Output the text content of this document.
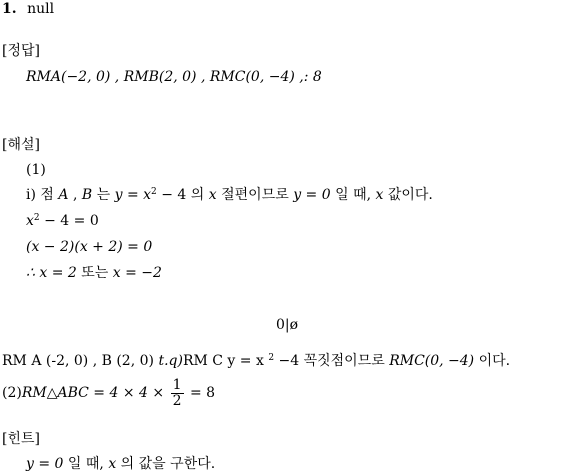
1. null
[정답]
RMA(−2, 0) , RMB(2, 0) , RMC(0, −4) ,: 8
[해설]
(1)
ⅰ) 점 A , B 는 $y = x^2 - 4$ 의 x 절편이므로 y = 0 일 때, x 값이다.
$x^2 - 4 = 0$
(x − 2)(x + 2) = 0
∴ x = 2 또는 x = −2
0|ø
RM A (-2, 0) , B (2, 0) t.q)RM C y = x $^2$ −4 꼭짓점이므로 RMC(0, −4) 이다.
(2)RM△ABC = $4 \times 4 \times \frac{1}{2} = 8$
[힌트]
y = 0 일 때, x 의 값을 구한다.
